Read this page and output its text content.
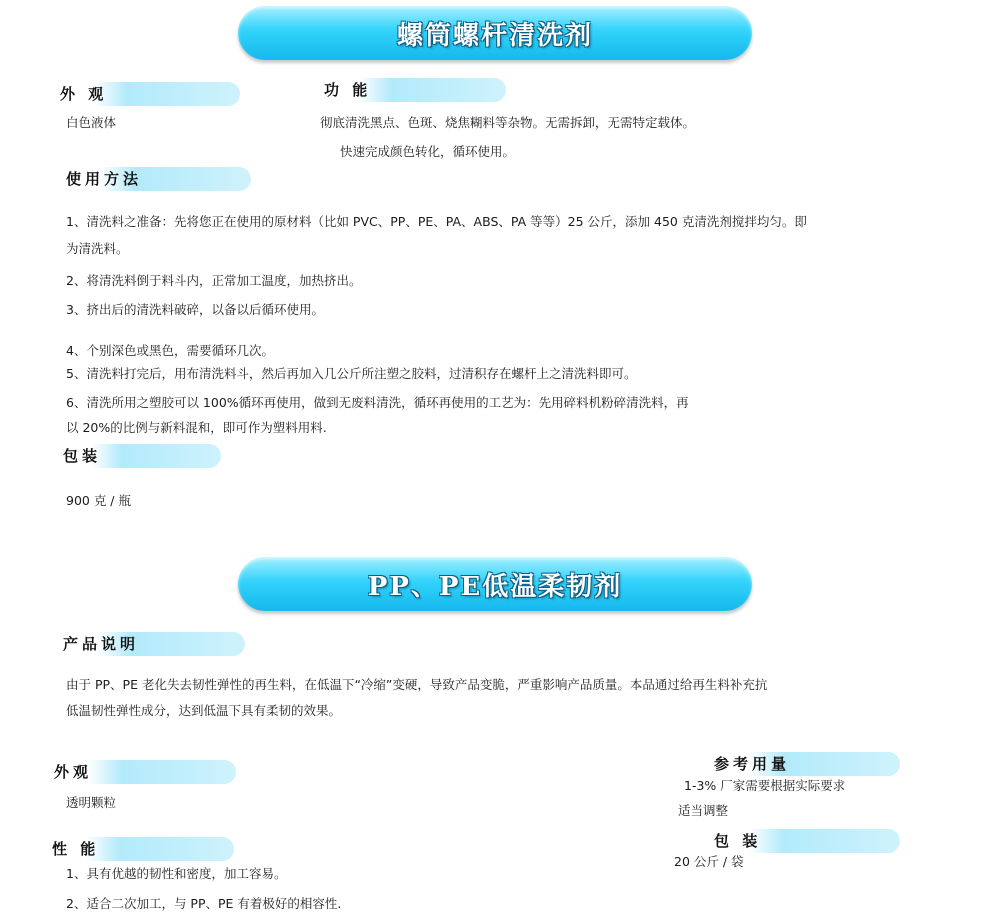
螺筒螺杆清洗剂
外 观
白色液体
功 能
彻底清洗黑点、色斑、烧焦糊料等杂物。无需拆卸，无需特定载体。
快速完成颜色转化，循环使用。
使用方法
1、清洗料之准备：先将您正在使用的原材料（比如 PVC、PP、PE、PA、ABS、PA 等等）25 公斤，添加 450 克清洗剂搅拌均匀。即
为清洗料。
2、将清洗料倒于料斗内，正常加工温度，加热挤出。
3、挤出后的清洗料破碎，以备以后循环使用。
4、个别深色或黑色，需要循环几次。
5、清洗料打完后，用布清洗料斗，然后再加入几公斤所注塑之胶料，过清积存在螺杆上之清洗料即可。
6、清洗所用之塑胶可以 100%循环再使用，做到无废料清洗，循环再使用的工艺为：先用碎料机粉碎清洗料，再
以 20%的比例与新料混和，即可作为塑料用料.
包装
900 克 / 瓶
PP、PE低温柔韧剂
产品说明
由于 PP、PE 老化失去韧性弹性的再生料，在低温下“冷缩”变硬，导致产品变脆，严重影响产品质量。本品通过给再生料补充抗
低温韧性弹性成分，达到低温下具有柔韧的效果。
外观
透明颗粒
性 能
1、具有优越的韧性和密度，加工容易。
2、适合二次加工，与 PP、PE 有着极好的相容性.
参考用量
1-3% 厂家需要根据实际要求
适当调整
包 装
20 公斤 / 袋
